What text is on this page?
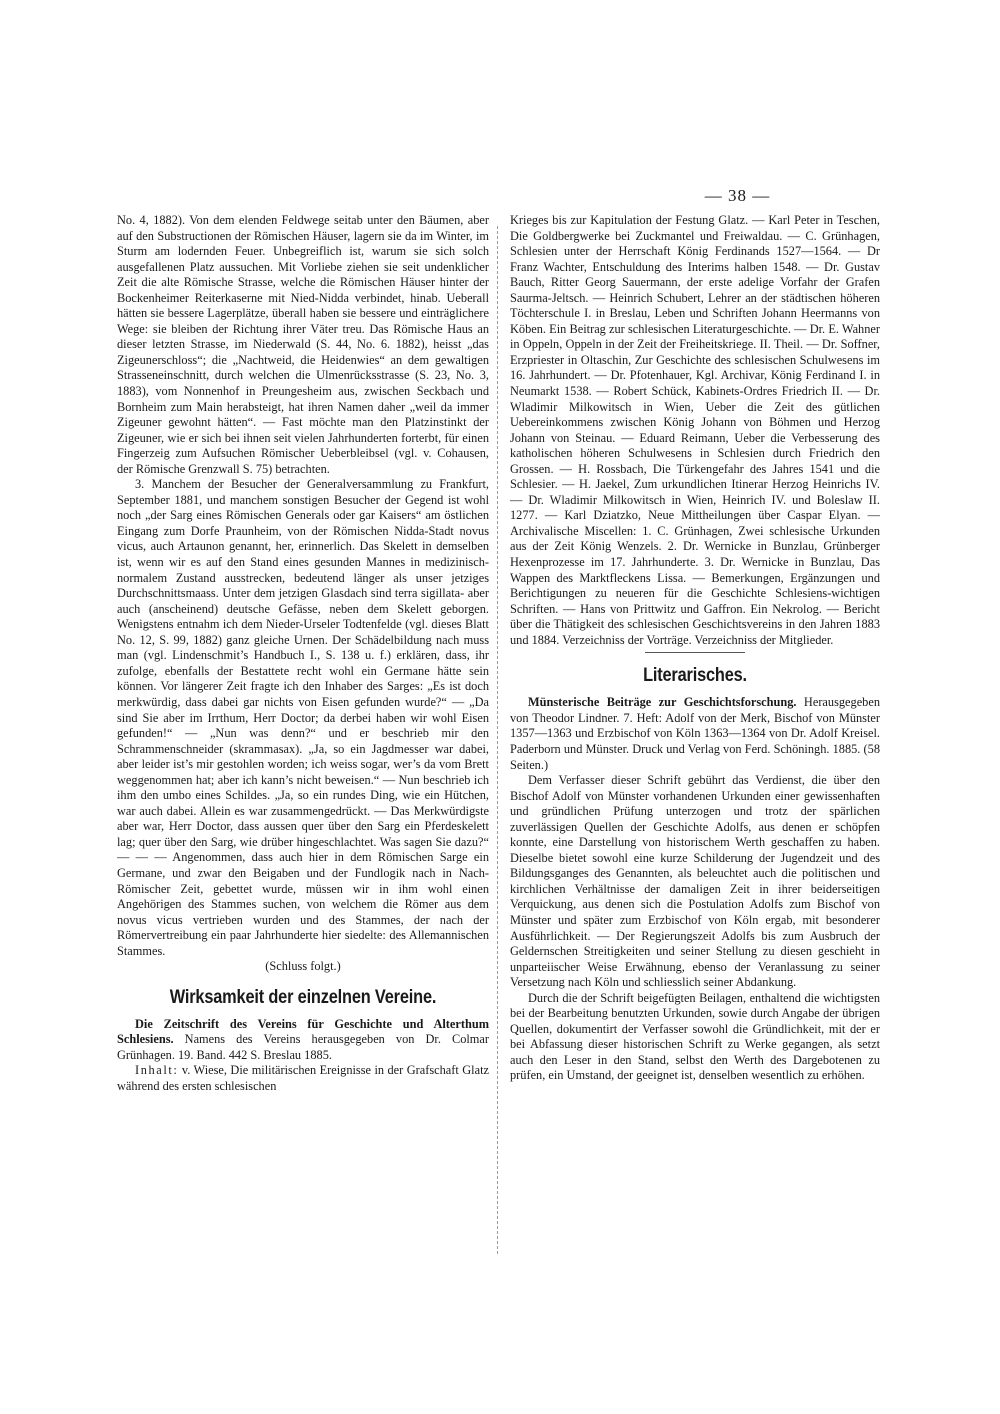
— 38 —

No. 4, 1882). Von dem elenden Feldwege seitab unter den Bäumen, aber auf den Substructionen der Römischen Häuser, lagern sie da im Winter, im Sturm am lodernden Feuer. Unbegreiflich ist, warum sie sich solch ausgefallenen Platz aussuchen. Mit Vorliebe ziehen sie seit undenklicher Zeit die alte Römische Strasse, welche die Römischen Häuser hinter der Bockenheimer Reiterkaserne mit Nied-Nidda verbindet, hinab. Ueberall hätten sie bessere Lagerplätze, überall haben sie bessere und einträglichere Wege: sie bleiben der Richtung ihrer Väter treu. Das Römische Haus an dieser letzten Strasse, im Niederwald (S. 44, No. 6. 1882), heisst „das Zigeunerschloss“; die „Nachtweid, die Heidenwies“ an dem gewaltigen Strasseneinschnitt, durch welchen die Ulmenrücksstrasse (S. 23, No. 3, 1883), vom Nonnenhof in Preungesheim aus, zwischen Seckbach und Bornheim zum Main herabsteigt, hat ihren Namen daher „weil da immer Zigeuner gewohnt hätten“. — Fast möchte man den Platzinstinkt der Zigeuner, wie er sich bei ihnen seit vielen Jahrhunderten forterbt, für einen Fingerzeig zum Aufsuchen Römischer Ueberbleibsel (vgl. v. Cohausen, der Römische Grenzwall S. 75) betrachten.

3. Manchem der Besucher der Generalversammlung zu Frankfurt, September 1881, und manchem sonstigen Besucher der Gegend ist wohl noch „der Sarg eines Römischen Generals oder gar Kaisers“ am östlichen Eingang zum Dorfe Praunheim, von der Römischen Nidda-Stadt novus vicus, auch Artaunon genannt, her, erinnerlich. Das Skelett in demselben ist, wenn wir es auf den Stand eines gesunden Mannes in medizinisch-normalem Zustand ausstrecken, bedeutend länger als unser jetziges Durchschnittsmaass. Unter dem jetzigen Glasdach sind terra sigillata- aber auch (anscheinend) deutsche Gefässe, neben dem Skelett geborgen. Wenigstens entnahm ich dem Nieder-Urseler Todtenfelde (vgl. dieses Blatt No. 12, S. 99, 1882) ganz gleiche Urnen. Der Schädelbildung nach muss man (vgl. Lindenschmit’s Handbuch I., S. 138 u. f.) erklären, dass, ihr zufolge, ebenfalls der Bestattete recht wohl ein Germane hätte sein können. Vor längerer Zeit fragte ich den Inhaber des Sarges: „Es ist doch merkwürdig, dass dabei gar nichts von Eisen gefunden wurde?“ — „Da sind Sie aber im Irrthum, Herr Doctor; da derbei haben wir wohl Eisen gefunden!“ — „Nun was denn?“ und er beschrieb mir den Schrammenschneider (skrammasax). „Ja, so ein Jagdmesser war dabei, aber leider ist’s mir gestohlen worden; ich weiss sogar, wer’s da vom Brett weggenommen hat; aber ich kann’s nicht beweisen.“ — Nun beschrieb ich ihm den umbo eines Schildes. „Ja, so ein rundes Ding, wie ein Hütchen, war auch dabei. Allein es war zusammengedrückt. — Das Merkwürdigste aber war, Herr Doctor, dass aussen quer über den Sarg ein Pferdeskelett lag; quer über den Sarg, wie drüber hingeschlachtet. Was sagen Sie dazu?“ — — — Angenommen, dass auch hier in dem Römischen Sarge ein Germane, und zwar den Beigaben und der Fundlogik nach in Nach-Römischer Zeit, gebettet wurde, müssen wir in ihm wohl einen Angehörigen des Stammes suchen, von welchem die Römer aus dem novus vicus vertrieben wurden und des Stammes, der nach der Römervertreibung ein paar Jahrhunderte hier siedelte: des Allemannischen Stammes.

(Schluss folgt.)

Wirksamkeit der einzelnen Vereine.

Die Zeitschrift des Vereins für Geschichte und Alterthum Schlesiens. Namens des Vereins herausgegeben von Dr. Colmar Grünhagen. 19. Band. 442 S. Breslau 1885.

Inhalt: v. Wiese, Die militärischen Ereignisse in der Grafschaft Glatz während des ersten schlesischen

Krieges bis zur Kapitulation der Festung Glatz. — Karl Peter in Teschen, Die Goldbergwerke bei Zuckmantel und Freiwaldau. — C. Grünhagen, Schlesien unter der Herrschaft König Ferdinands 1527—1564. — Dr Franz Wachter, Entschuldung des Interims halben 1548. — Dr. Gustav Bauch, Ritter Georg Sauermann, der erste adelige Vorfahr der Grafen Saurma-Jeltsch. — Heinrich Schubert, Lehrer an der städtischen höheren Töchterschule I. in Breslau, Leben und Schriften Johann Heermanns von Köben. Ein Beitrag zur schlesischen Literaturgeschichte. — Dr. E. Wahner in Oppeln, Oppeln in der Zeit der Freiheitskriege. II. Theil. — Dr. Soffner, Erzpriester in Oltaschin, Zur Geschichte des schlesischen Schulwesens im 16. Jahrhundert. — Dr. Pfotenhauer, Kgl. Archivar, König Ferdinand I. in Neumarkt 1538. — Robert Schück, Kabinets-Ordres Friedrich II. — Dr. Wladimir Milkowitsch in Wien, Ueber die Zeit des gütlichen Uebereinkommens zwischen König Johann von Böhmen und Herzog Johann von Steinau. — Eduard Reimann, Ueber die Verbesserung des katholischen höheren Schulwesens in Schlesien durch Friedrich den Grossen. — H. Rossbach, Die Türkengefahr des Jahres 1541 und die Schlesier. — H. Jaekel, Zum urkundlichen Itinerar Herzog Heinrichs IV. — Dr. Wladimir Milkowitsch in Wien, Heinrich IV. und Boleslaw II. 1277. — Karl Dziatzko, Neue Mittheilungen über Caspar Elyan. — Archivalische Miscellen: 1. C. Grünhagen, Zwei schlesische Urkunden aus der Zeit König Wenzels. 2. Dr. Wernicke in Bunzlau, Grünberger Hexenprozesse im 17. Jahrhunderte. 3. Dr. Wernicke in Bunzlau, Das Wappen des Marktfleckens Lissa. — Bemerkungen, Ergänzungen und Berichtigungen zu neueren für die Geschichte Schlesiens-wichtigen Schriften. — Hans von Prittwitz und Gaffron. Ein Nekrolog. — Bericht über die Thätigkeit des schlesischen Geschichtsvereins in den Jahren 1883 und 1884. Verzeichniss der Vorträge. Verzeichniss der Mitglieder.

Literarisches.

Münsterische Beiträge zur Geschichtsforschung. Herausgegeben von Theodor Lindner. 7. Heft: Adolf von der Merk, Bischof von Münster 1357—1363 und Erzbischof von Köln 1363—1364 von Dr. Adolf Kreisel. Paderborn und Münster. Druck und Verlag von Ferd. Schöningh. 1885. (58 Seiten.)

Dem Verfasser dieser Schrift gebührt das Verdienst, die über den Bischof Adolf von Münster vorhandenen Urkunden einer gewissenhaften und gründlichen Prüfung unterzogen und trotz der spärlichen zuverlässigen Quellen der Geschichte Adolfs, aus denen er schöpfen konnte, eine Darstellung von historischem Werth geschaffen zu haben. Dieselbe bietet sowohl eine kurze Schilderung der Jugendzeit und des Bildungsganges des Genannten, als beleuchtet auch die politischen und kirchlichen Verhältnisse der damaligen Zeit in ihrer beiderseitigen Verquickung, aus denen sich die Postulation Adolfs zum Bischof von Münster und später zum Erzbischof von Köln ergab, mit besonderer Ausführlichkeit. — Der Regierungszeit Adolfs bis zum Ausbruch der Geldernschen Streitigkeiten und seiner Stellung zu diesen geschieht in unparteiischer Weise Erwähnung, ebenso der Veranlassung zu seiner Versetzung nach Köln und schliesslich seiner Abdankung.

Durch die der Schrift beigefügten Beilagen, enthaltend die wichtigsten bei der Bearbeitung benutzten Urkunden, sowie durch Angabe der übrigen Quellen, dokumentirt der Verfasser sowohl die Gründlichkeit, mit der er bei Abfassung dieser historischen Schrift zu Werke gegangen, als setzt auch den Leser in den Stand, selbst den Werth des Dargebotenen zu prüfen, ein Umstand, der geeignet ist, denselben wesentlich zu erhöhen.
